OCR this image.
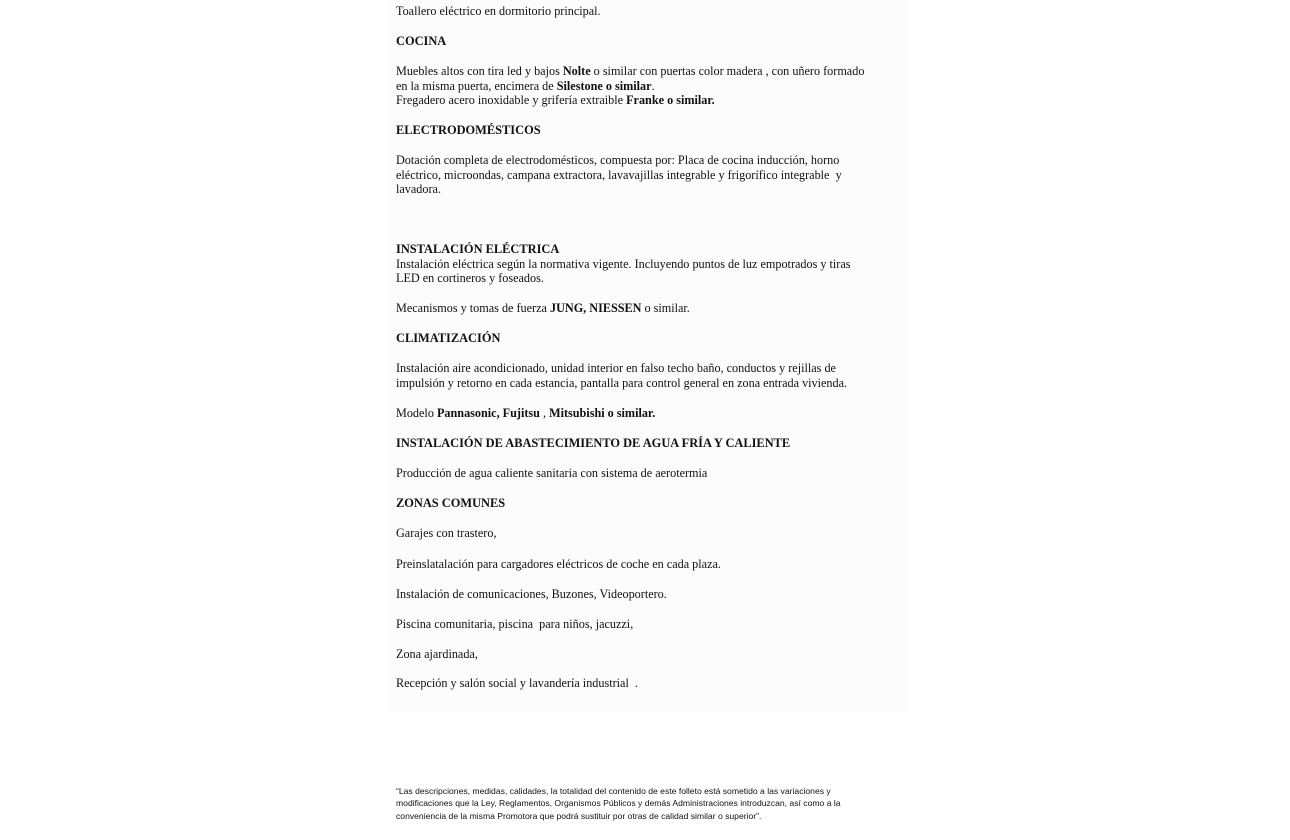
Toallero eléctrico en dormitorio principal.

COCINA

Muebles altos con tira led y bajos Nolte o similar con puertas color madera , con uñero formado

en la misma puerta, encimera de Silestone o similar.

Fregadero acero inoxidable y grifería extraible Franke o similar.

ELECTRODOMÉSTICOS

Dotación completa de electrodomésticos, compuesta por: Placa de cocina inducción, horno

eléctrico, microondas, campana extractora, lavavajillas integrable y frigorífico integrable  y

lavadora.

INSTALACIÓN ELÉCTRICA

Instalación eléctrica según la normativa vigente. Incluyendo puntos de luz empotrados y tiras

LED en cortineros y foseados.

Mecanismos y tomas de fuerza JUNG, NIESSEN o similar.

CLIMATIZACIÓN

Instalación aire acondicionado, unidad interior en falso techo baño, conductos y rejillas de

impulsión y retorno en cada estancia, pantalla para control general en zona entrada vivienda.

Modelo Pannasonic, Fujitsu , Mitsubishi o similar.

INSTALACIÓN DE ABASTECIMIENTO DE AGUA FRÍA Y CALIENTE

Producción de agua caliente sanitaria con sistema de aerotermia

ZONAS COMUNES

Garajes con trastero,

Preinslatalación para cargadores eléctricos de coche en cada plaza.

Instalación de comunicaciones, Buzones, Videoportero.

Piscina comunitaria, piscina  para niños, jacuzzi,

Zona ajardinada,

Recepción y salón social y lavandería industrial  .

“Las descripciones, medidas, calidades, la totalidad del contenido de este folleto está sometido a las variaciones y
modificaciones que la Ley, Reglamentos, Organismos Públicos y demás Administraciones introduzcan, así como a la
conveniencia de la misma Promotora que podrá sustituir por otras de calidad similar o superior”.
